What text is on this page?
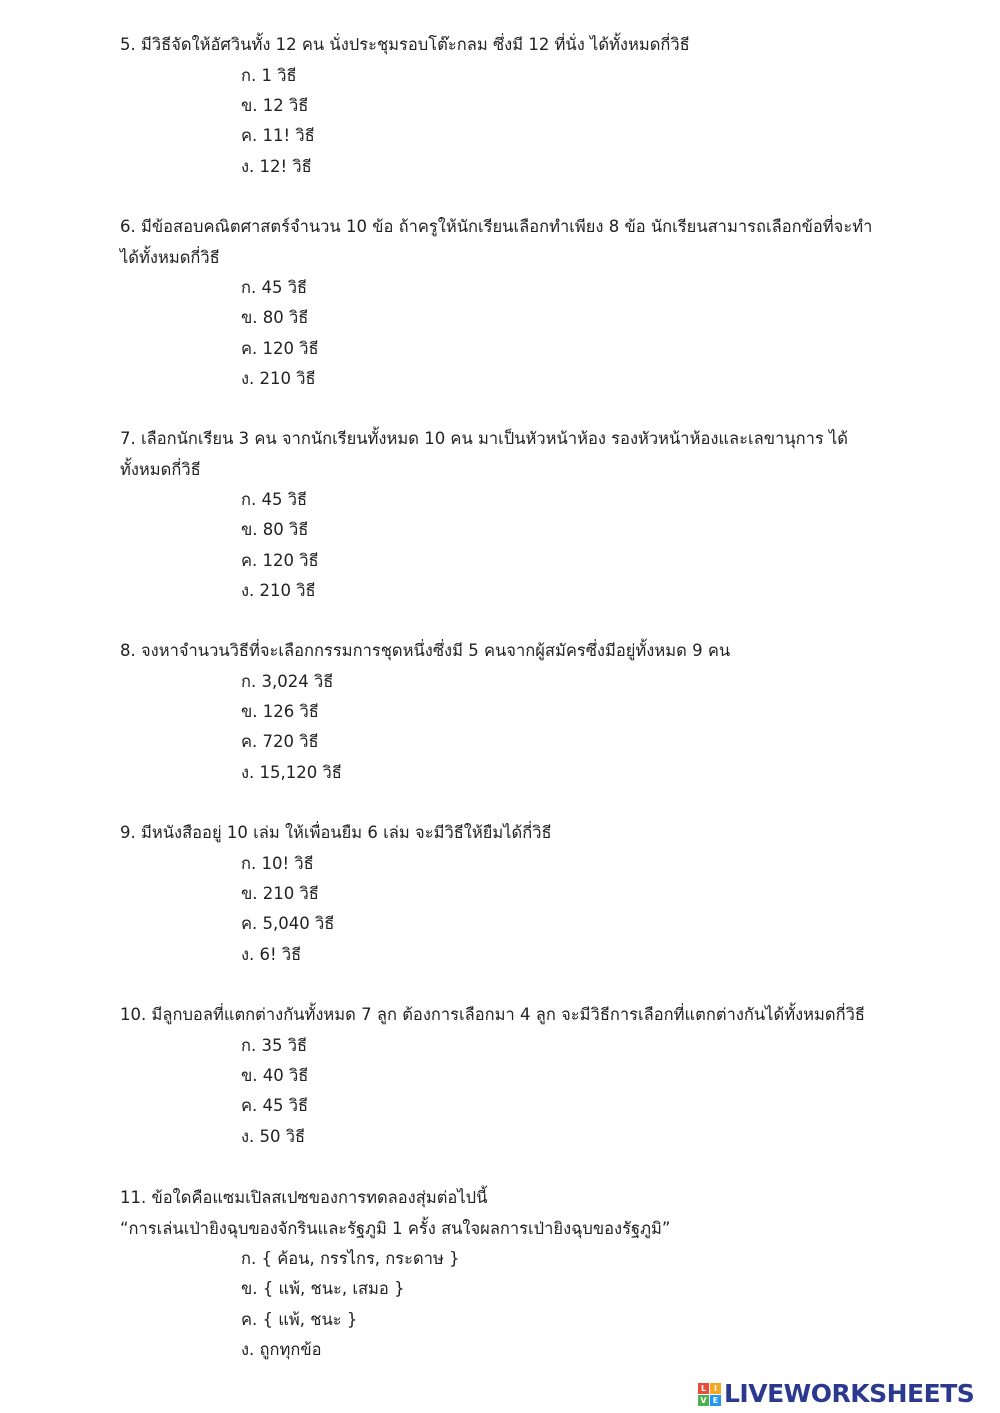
5. มีวิธีจัดให้อัศวินทั้ง 12 คน นั่งประชุมรอบโต๊ะกลม ซึ่งมี 12 ที่นั่ง ได้ทั้งหมดกี่วิธี

ก. 1 วิธี
ข. 12 วิธี
ค. 11! วิธี
ง. 12! วิธี

6. มีข้อสอบคณิตศาสตร์จำนวน 10 ข้อ ถ้าครูให้นักเรียนเลือกทำเพียง 8 ข้อ นักเรียนสามารถเลือกข้อที่จะทำ
ได้ทั้งหมดกี่วิธี

ก. 45 วิธี
ข. 80 วิธี
ค. 120 วิธี
ง. 210 วิธี

7. เลือกนักเรียน 3 คน จากนักเรียนทั้งหมด 10 คน มาเป็นหัวหน้าห้อง รองหัวหน้าห้องและเลขานุการ ได้
ทั้งหมดกี่วิธี

ก. 45 วิธี
ข. 80 วิธี
ค. 120 วิธี
ง. 210 วิธี

8. จงหาจำนวนวิธีที่จะเลือกกรรมการชุดหนึ่งซึ่งมี 5 คนจากผู้สมัครซึ่งมีอยู่ทั้งหมด 9 คน

ก. 3,024 วิธี
ข. 126 วิธี
ค. 720 วิธี
ง. 15,120 วิธี

9. มีหนังสืออยู่ 10 เล่ม ให้เพื่อนยืม 6 เล่ม จะมีวิธีให้ยืมได้กี่วิธี

ก. 10! วิธี
ข. 210 วิธี
ค. 5,040 วิธี
ง. 6! วิธี

10. มีลูกบอลที่แตกต่างกันทั้งหมด 7 ลูก ต้องการเลือกมา 4 ลูก จะมีวิธีการเลือกที่แตกต่างกันได้ทั้งหมดกี่วิธี

ก. 35 วิธี
ข. 40 วิธี
ค. 45 วิธี
ง. 50 วิธี

11. ข้อใดคือแซมเปิลสเปซของการทดลองสุ่มต่อไปนี้
“การเล่นเป่ายิงฉุบของจักรินและรัฐภูมิ 1 ครั้ง สนใจผลการเป่ายิงฉุบของรัฐภูมิ”

ก. { ค้อน, กรรไกร, กระดาษ }
ข. { แพ้, ชนะ, เสมอ }
ค. { แพ้, ชนะ }
ง. ถูกทุกข้อ
L I
V E LIVEWORKSHEETS
